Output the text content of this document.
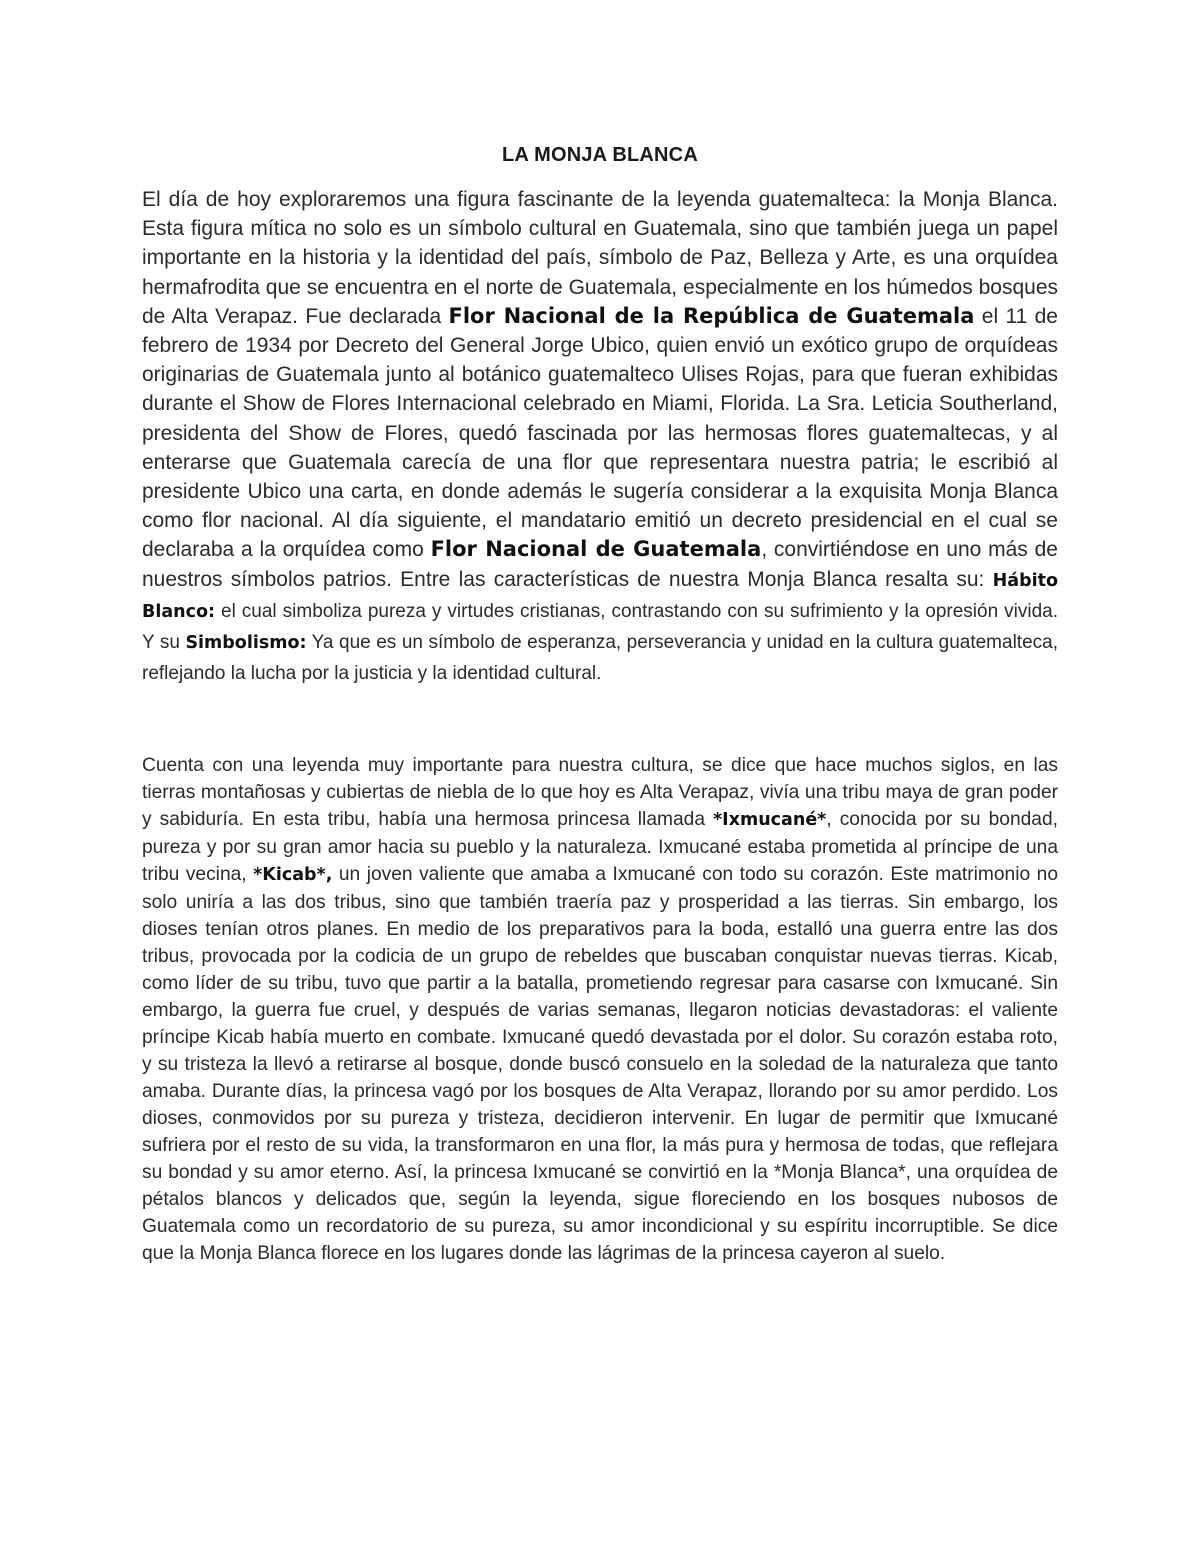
LA MONJA BLANCA

El día de hoy exploraremos una figura fascinante de la leyenda guatemalteca: la Monja Blanca. Esta figura mítica no solo es un símbolo cultural en Guatemala, sino que también juega un papel importante en la historia y la identidad del país, símbolo de Paz, Belleza y Arte, es una orquídea hermafrodita que se encuentra en el norte de Guatemala, especialmente en los húmedos bosques de Alta Verapaz. Fue declarada Flor Nacional de la República de Guatemala el 11 de febrero de 1934 por Decreto del General Jorge Ubico, quien envió un exótico grupo de orquídeas originarias de Guatemala junto al botánico guatemalteco Ulises Rojas, para que fueran exhibidas durante el Show de Flores Internacional celebrado en Miami, Florida. La Sra. Leticia Southerland, presidenta del Show de Flores, quedó fascinada por las hermosas flores guatemaltecas, y al enterarse que Guatemala carecía de una flor que representara nuestra patria; le escribió al presidente Ubico una carta, en donde además le sugería considerar a la exquisita Monja Blanca como flor nacional. Al día siguiente, el mandatario emitió un decreto presidencial en el cual se declaraba a la orquídea como Flor Nacional de Guatemala, convirtiéndose en uno más de nuestros símbolos patrios. Entre las características de nuestra Monja Blanca resalta su: Hábito Blanco: el cual simboliza pureza y virtudes cristianas, contrastando con su sufrimiento y la opresión vivida. Y su Simbolismo: Ya que es un símbolo de esperanza, perseverancia y unidad en la cultura guatemalteca, reflejando la lucha por la justicia y la identidad cultural.

Cuenta con una leyenda muy importante para nuestra cultura, se dice que hace muchos siglos, en las tierras montañosas y cubiertas de niebla de lo que hoy es Alta Verapaz, vivía una tribu maya de gran poder y sabiduría. En esta tribu, había una hermosa princesa llamada *Ixmucané*, conocida por su bondad, pureza y por su gran amor hacia su pueblo y la naturaleza. Ixmucané estaba prometida al príncipe de una tribu vecina, *Kicab*, un joven valiente que amaba a Ixmucané con todo su corazón. Este matrimonio no solo uniría a las dos tribus, sino que también traería paz y prosperidad a las tierras. Sin embargo, los dioses tenían otros planes. En medio de los preparativos para la boda, estalló una guerra entre las dos tribus, provocada por la codicia de un grupo de rebeldes que buscaban conquistar nuevas tierras. Kicab, como líder de su tribu, tuvo que partir a la batalla, prometiendo regresar para casarse con Ixmucané. Sin embargo, la guerra fue cruel, y después de varias semanas, llegaron noticias devastadoras: el valiente príncipe Kicab había muerto en combate. Ixmucané quedó devastada por el dolor. Su corazón estaba roto, y su tristeza la llevó a retirarse al bosque, donde buscó consuelo en la soledad de la naturaleza que tanto amaba. Durante días, la princesa vagó por los bosques de Alta Verapaz, llorando por su amor perdido. Los dioses, conmovidos por su pureza y tristeza, decidieron intervenir. En lugar de permitir que Ixmucané sufriera por el resto de su vida, la transformaron en una flor, la más pura y hermosa de todas, que reflejara su bondad y su amor eterno. Así, la princesa Ixmucané se convirtió en la *Monja Blanca*, una orquídea de pétalos blancos y delicados que, según la leyenda, sigue floreciendo en los bosques nubosos de Guatemala como un recordatorio de su pureza, su amor incondicional y su espíritu incorruptible. Se dice que la Monja Blanca florece en los lugares donde las lágrimas de la princesa cayeron al suelo.
